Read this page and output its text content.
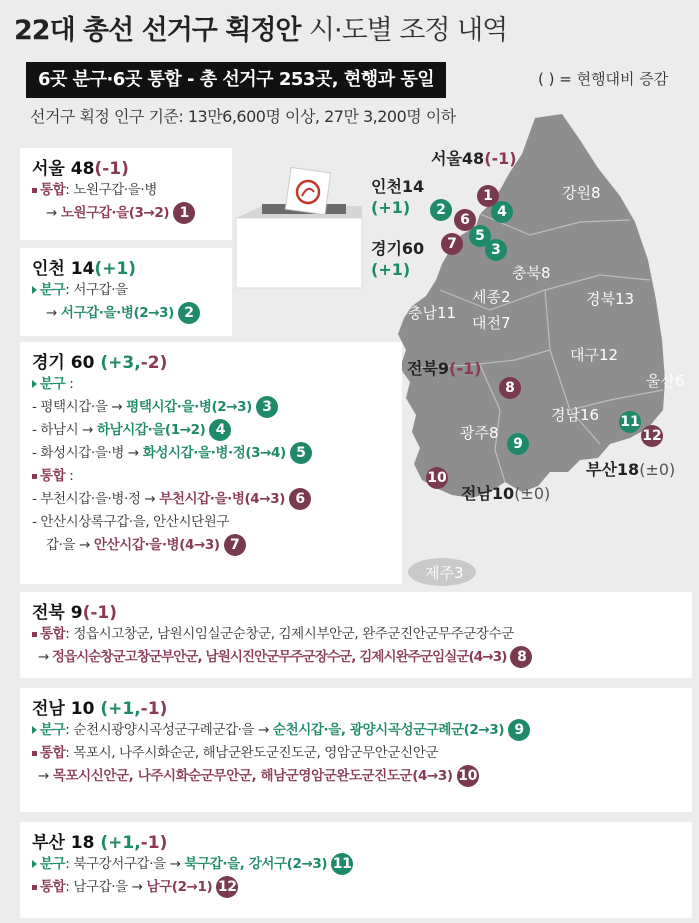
22대 총선 선거구 획정안 시·도별 조정 내역
6곳 분구·6곳 통합 - 총 선거구 253곳, 현행과 동일	( ) = 현행대비 증감
선거구 획정 인구 기준: 13만6,600명 이상, 27만 3,200명 이하
강원8
충북8
세종2
대전7
충남11
경북13
대구12
울산6
경남16
광주8
제주3
서울48(-1)
인천14
(+1)
경기60
(+1)
전북9(-1)
부산18(±0)
전남10(±0)
1
2	4
6
5
7	3
8
11
12
9
10
서울 48(-1)
통합: 노원구갑·을·병
→ 노원구갑·을(3→2) 1
인천 14(+1)
분구: 서구갑·을
→ 서구갑·을·병(2→3) 2
경기 60 (+3,-2)
분구 :
- 평택시갑·을 → 평택시갑·을·병(2→3) 3
- 하남시 → 하남시갑·을(1→2) 4
- 화성시갑·을·병 → 화성시갑·을·병·정(3→4) 5
통합 :
- 부천시갑·을·병·정 → 부천시갑·을·병(4→3) 6
- 안산시상록구갑·을, 안산시단원구
갑·을 → 안산시갑·을·병(4→3) 7
전북 9(-1)
통합: 정읍시고창군, 남원시임실군순창군, 김제시부안군, 완주군진안군무주군장수군
→ 정읍시순창군고창군부안군, 남원시진안군무주군장수군, 김제시완주군임실군(4→3) 8
전남 10 (+1,-1)
분구: 순천시광양시곡성군구례군갑·을 → 순천시갑·을, 광양시곡성군구례군(2→3) 9
통합: 목포시, 나주시화순군, 해남군완도군진도군, 영암군무안군신안군
→ 목포시신안군, 나주시화순군무안군, 해남군영암군완도군진도군(4→3) 10
부산 18 (+1,-1)
분구: 북구강서구갑·을 → 북구갑·을, 강서구(2→3) 11
통합: 남구갑·을 → 남구(2→1) 12
